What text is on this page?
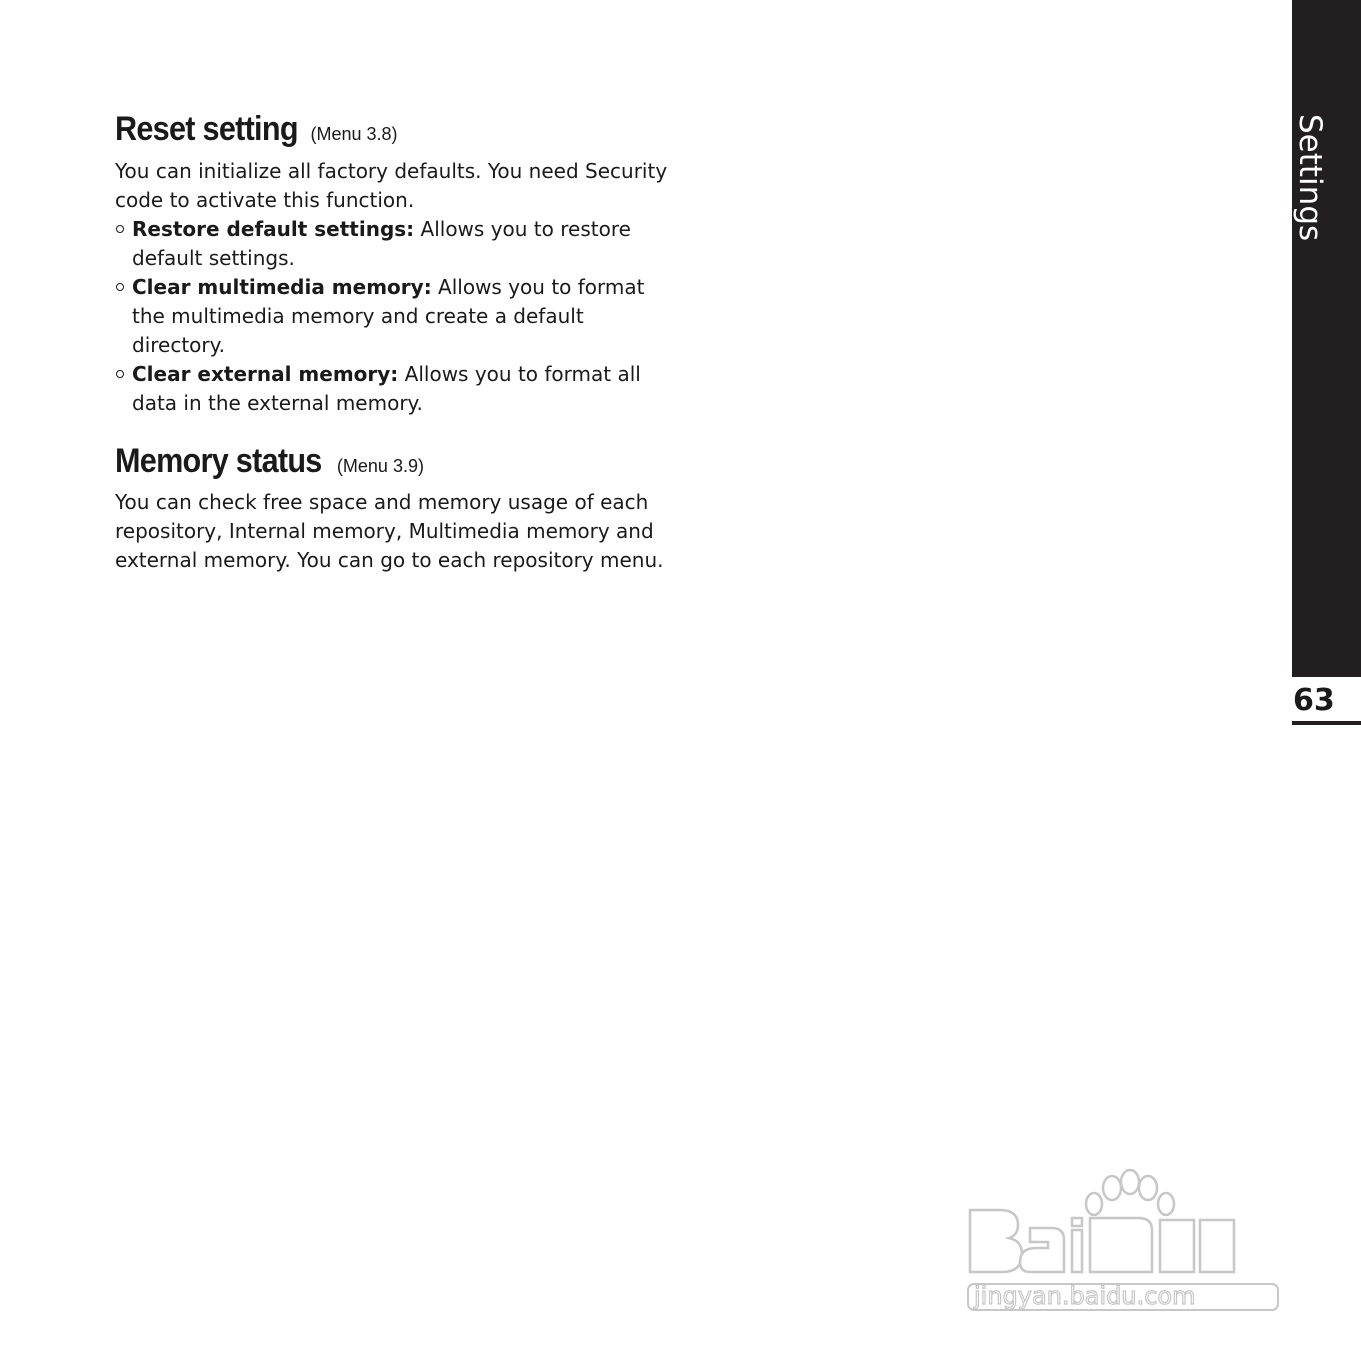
Reset setting (Menu 3.8)

You can initialize all factory defaults. You need Security code to activate this function.

Restore default settings: Allows you to restore default settings.
Clear multimedia memory: Allows you to format the multimedia memory and create a default directory.
Clear external memory: Allows you to format all data in the external memory.
Memory status (Menu 3.9)

You can check free space and memory usage of each repository, Internal memory, Multimedia memory and external memory. You can go to each repository menu.

Settings
63
jingyan.baidu.com
